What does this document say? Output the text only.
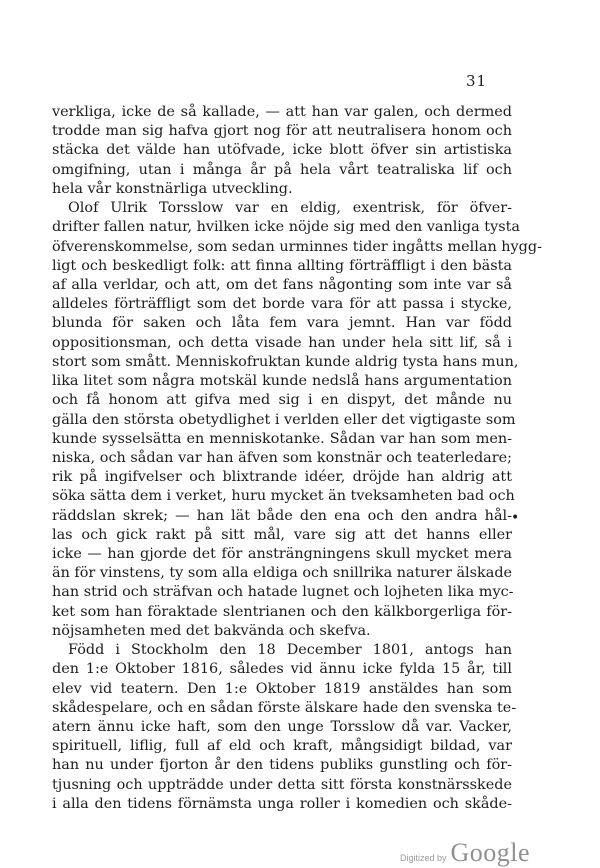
31
verkliga, icke de så kallade, — att han var galen, och dermed
trodde man sig hafva gjort nog för att neutralisera honom och
stäcka det välde han utöfvade, icke blott öfver sin artistiska
omgifning, utan i många år på hela vårt teatraliska lif och
hela vår konstnärliga utveckling.
Olof Ulrik Torsslow var en eldig, exentrisk, för öfver-
drifter fallen natur, hvilken icke nöjde sig med den vanliga tysta
öfverenskommelse, som sedan urminnes tider ingåtts mellan hygg-
ligt och beskedligt folk: att finna allting förträffligt i den bästa
af alla verldar, och att, om det fans någonting som inte var så
alldeles förträffligt som det borde vara för att passa i stycke,
blunda för saken och låta fem vara jemnt. Han var född
oppositionsman, och detta visade han under hela sitt lif, så i
stort som smått. Menniskofruktan kunde aldrig tysta hans mun,
lika litet som några motskäl kunde nedslå hans argumentation
och få honom att gifva med sig i en dispyt, det månde nu
gälla den största obetydlighet i verlden eller det vigtigaste som
kunde sysselsätta en menniskotanke. Sådan var han som men-
niska, och sådan var han äfven som konstnär och teaterledare;
rik på ingifvelser och blixtrande idéer, dröjde han aldrig att
söka sätta dem i verket, huru mycket än tveksamheten bad och
räddslan skrek; — han lät både den ena och den andra hål-
las och gick rakt på sitt mål, vare sig att det hanns eller
icke — han gjorde det för ansträngningens skull mycket mera
än för vinstens, ty som alla eldiga och snillrika naturer älskade
han strid och sträfvan och hatade lugnet och lojheten lika myc-
ket som han föraktade slentrianen och den kälkborgerliga för-
nöjsamheten med det bakvända och skefva.
Född i Stockholm den 18 December 1801, antogs han
den 1:e Oktober 1816, således vid ännu icke fylda 15 år, till
elev vid teatern. Den 1:e Oktober 1819 anstäldes han som
skådespelare, och en sådan förste älskare hade den svenska te-
atern ännu icke haft, som den unge Torsslow då var. Vacker,
spirituell, liflig, full af eld och kraft, mångsidigt bildad, var
han nu under fjorton år den tidens publiks gunstling och för-
tjusning och uppträdde under detta sitt första konstnärsskede
i alla den tidens förnämsta unga roller i komedien och skåde-
•
Digitized by Google
